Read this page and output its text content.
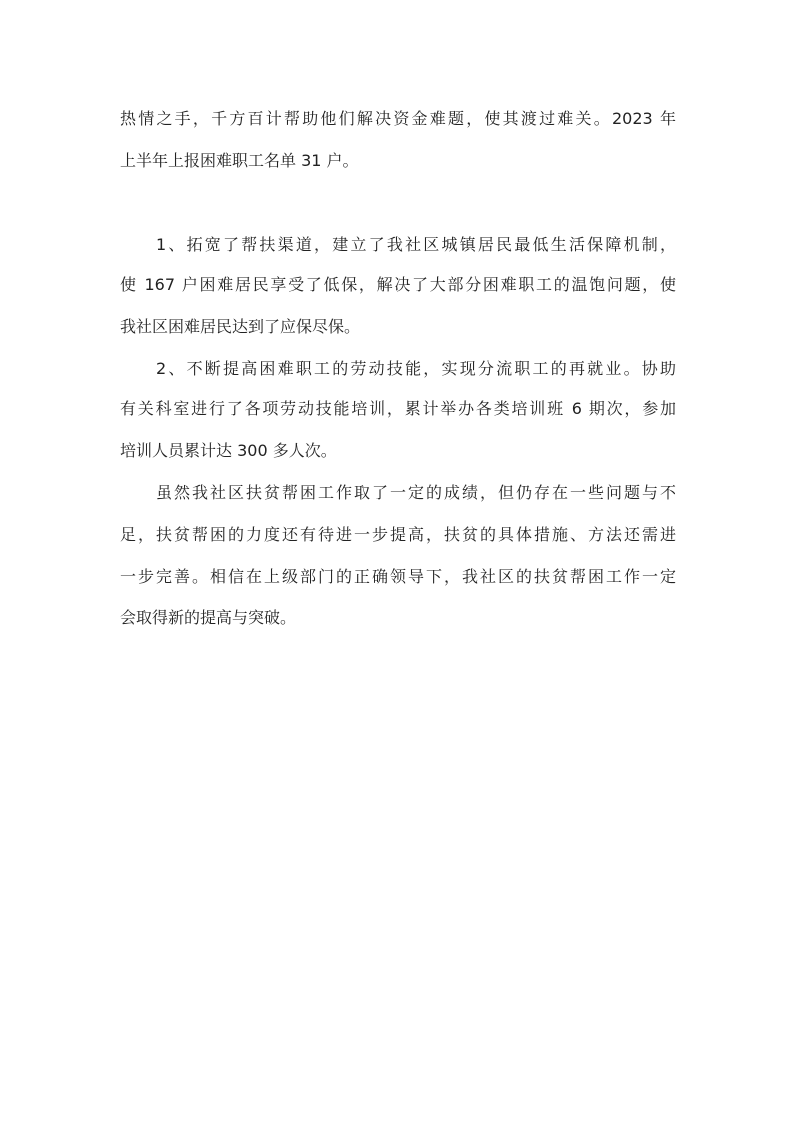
热情之手，千方百计帮助他们解决资金难题，使其渡过难关。2023 年
上半年上报困难职工名单 31 户。
1、拓宽了帮扶渠道，建立了我社区城镇居民最低生活保障机制，
使 167 户困难居民享受了低保，解决了大部分困难职工的温饱问题，使
我社区困难居民达到了应保尽保。
2、不断提高困难职工的劳动技能，实现分流职工的再就业。协助
有关科室进行了各项劳动技能培训，累计举办各类培训班 6 期次，参加
培训人员累计达 300 多人次。
虽然我社区扶贫帮困工作取了一定的成绩，但仍存在一些问题与不
足，扶贫帮困的力度还有待进一步提高，扶贫的具体措施、方法还需进
一步完善。相信在上级部门的正确领导下，我社区的扶贫帮困工作一定
会取得新的提高与突破。
